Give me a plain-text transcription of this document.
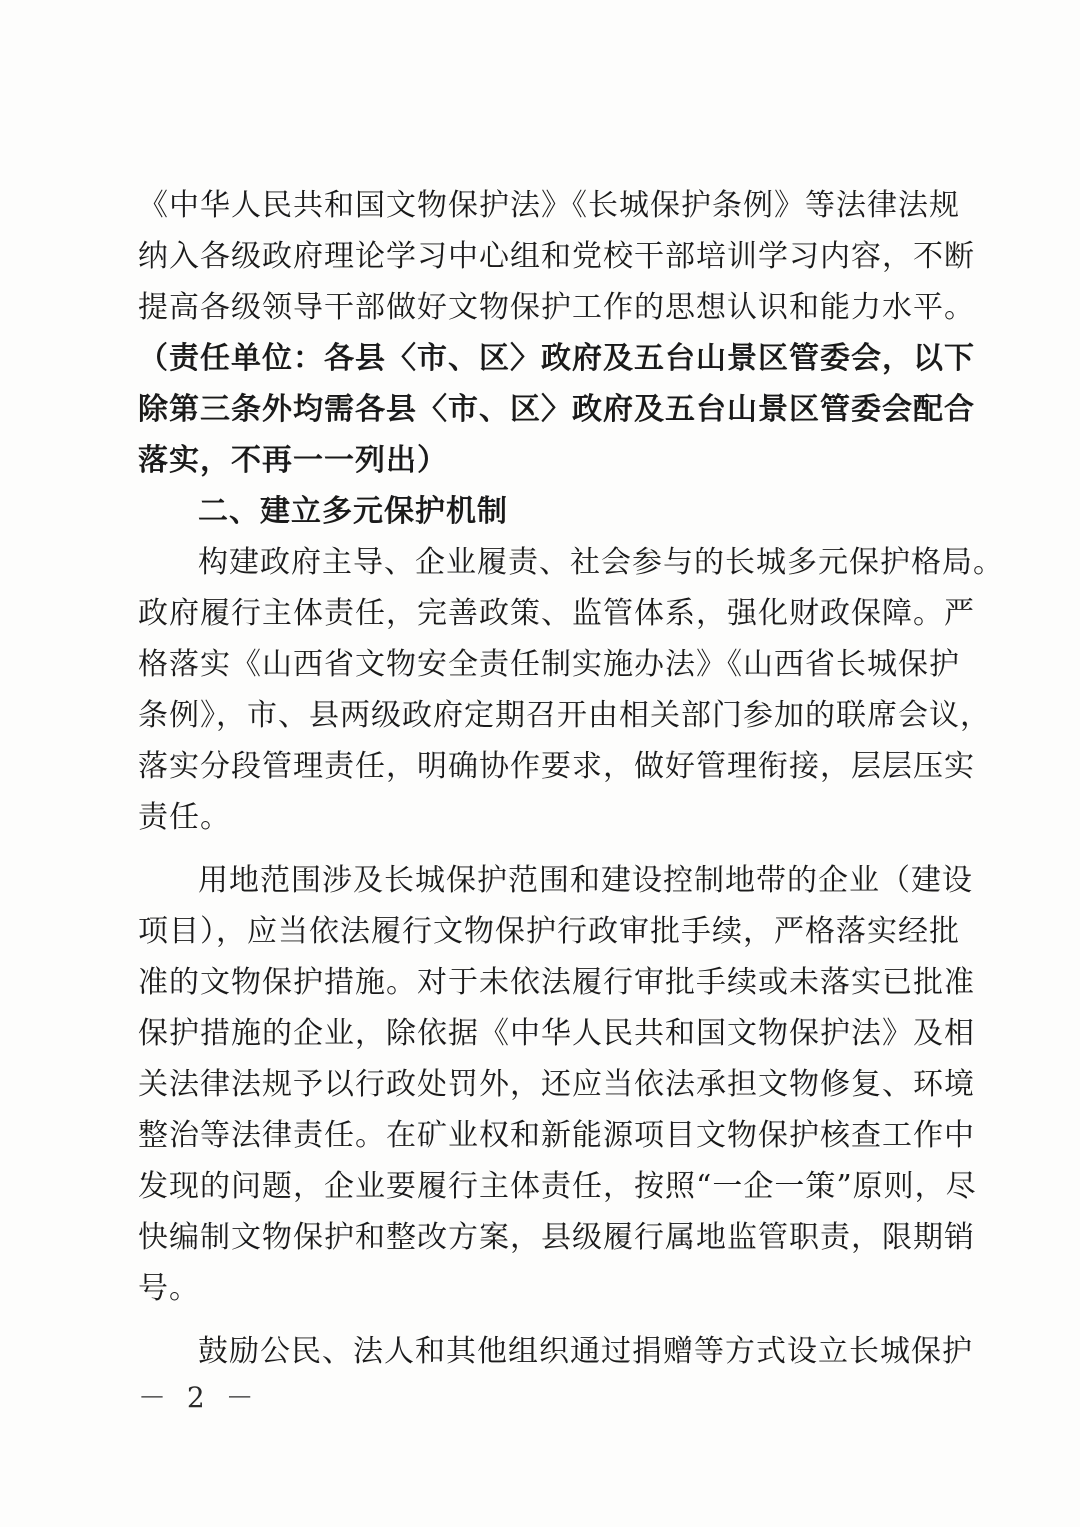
《中华人民共和国文物保护法》《长城保护条例》等法律法规
纳入各级政府理论学习中心组和党校干部培训学习内容，不断
提高各级领导干部做好文物保护工作的思想认识和能力水平。
（责任单位：各县〈市、区〉政府及五台山景区管委会，以下
除第三条外均需各县〈市、区〉政府及五台山景区管委会配合
落实，不再一一列出）
二、建立多元保护机制
构建政府主导、企业履责、社会参与的长城多元保护格局。
政府履行主体责任，完善政策、监管体系，强化财政保障。严
格落实《山西省文物安全责任制实施办法》《山西省长城保护
条例》，市、县两级政府定期召开由相关部门参加的联席会议，
落实分段管理责任，明确协作要求，做好管理衔接，层层压实
责任。
用地范围涉及长城保护范围和建设控制地带的企业（建设
项目），应当依法履行文物保护行政审批手续，严格落实经批
准的文物保护措施。对于未依法履行审批手续或未落实已批准
保护措施的企业，除依据《中华人民共和国文物保护法》及相
关法律法规予以行政处罚外，还应当依法承担文物修复、环境
整治等法律责任。在矿业权和新能源项目文物保护核查工作中
发现的问题，企业要履行主体责任，按照“一企一策”原则，尽
快编制文物保护和整改方案，县级履行属地监管职责，限期销
号。
鼓励公民、法人和其他组织通过捐赠等方式设立长城保护
－ 2 －
